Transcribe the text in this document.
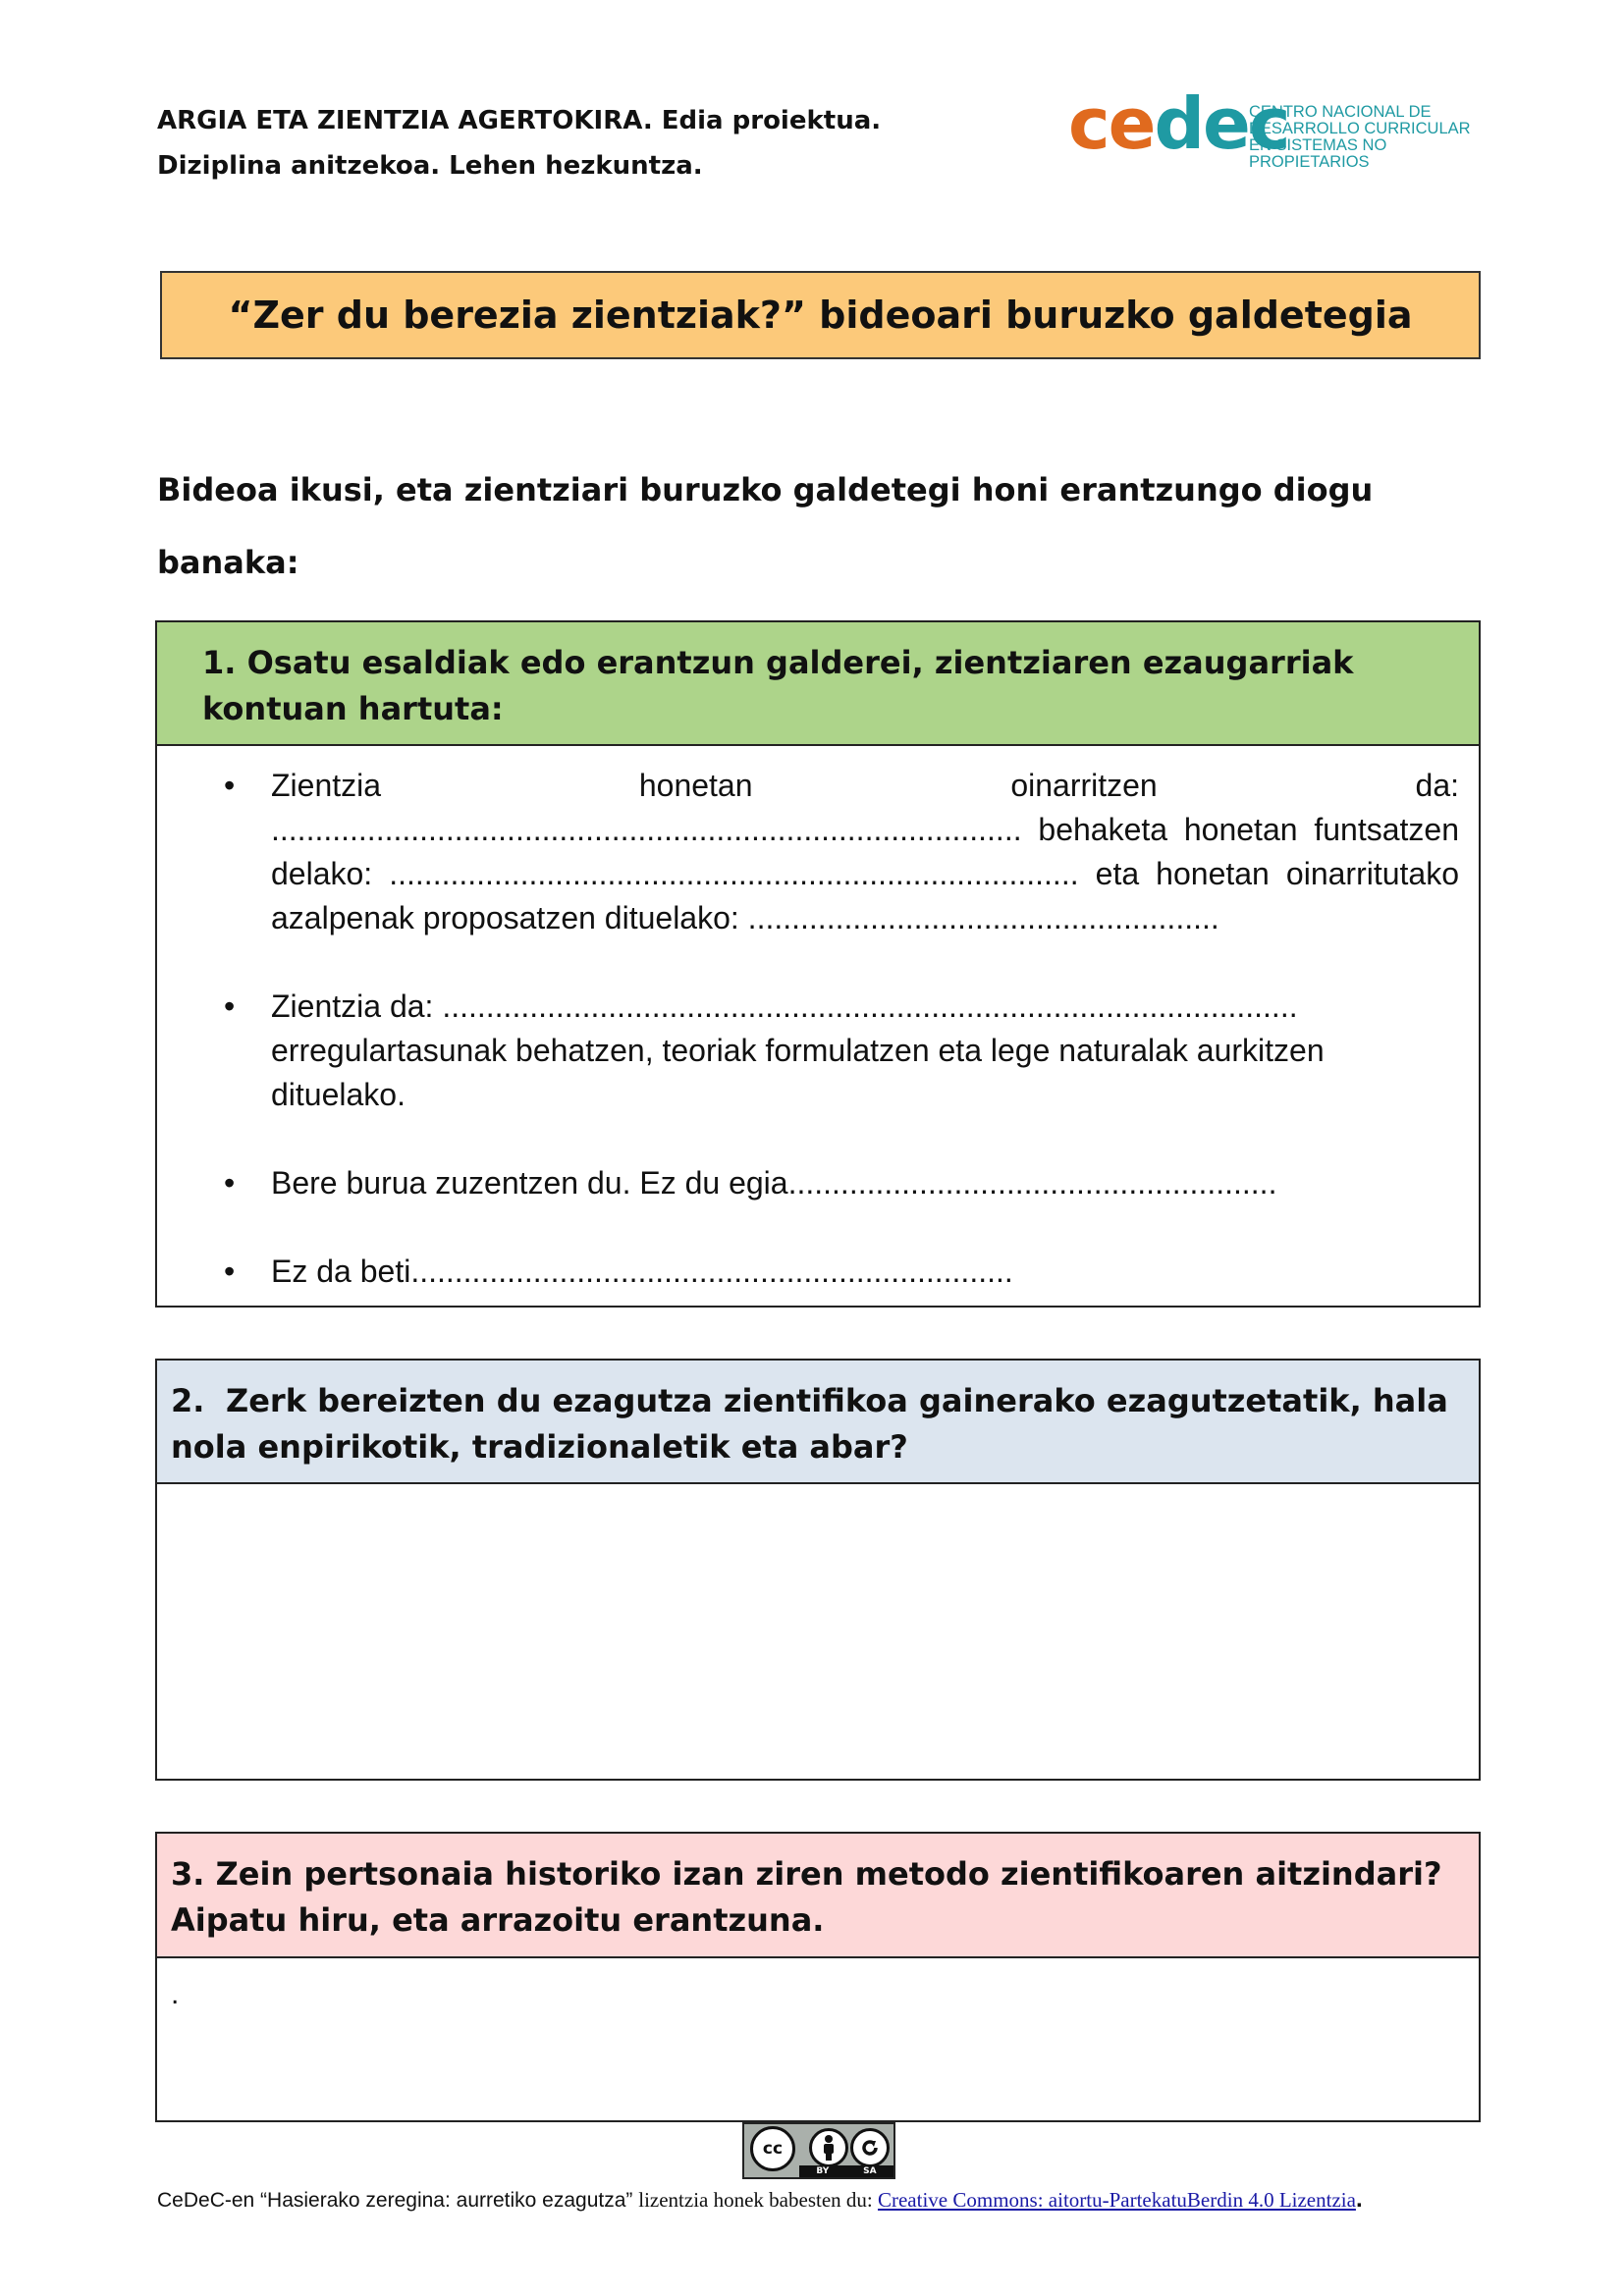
ARGIA ETA ZIENTZIA AGERTOKIRA. Edia proiektua.

Diziplina anitzekoa. Lehen hezkuntza.

cedec
CENTRO NACIONAL DE
DESARROLLO CURRICULAR
EN SISTEMAS NO PROPIETARIOS
“Zer du berezia zientziak?” bideoari buruzko galdetegia
Bideoa ikusi, eta zientziari buruzko galdetegi honi erantzungo diogu banaka:
1. Osatu esaldiak edo erantzun galderei, zientziaren ezaugarriak kontuan hartuta:
• Zientzia honetan oinarritzen da: ...................................................................................... behaketa honetan funtsatzen delako: ............................................................................... eta honetan oinarritutako azalpenak proposatzen dituelako: ......................................................
• Zientzia da: .................................................................................................. erregulartasunak behatzen, teoriak formulatzen eta lege naturalak aurkitzen dituelako.
• Bere burua zuzentzen du. Ez du egia........................................................
• Ez da beti.....................................................................
2. Zerk bereizten du ezagutza zientifikoa gainerako ezagutzetatik, hala nola enpirikotik, tradizionaletik eta abar?
3. Zein pertsonaia historiko izan ziren metodo zientifikoaren aitzindari? Aipatu hiru, eta arrazoitu erantzuna.
.
cc
BY	SA
CeDeC-en “Hasierako zeregina: aurretiko ezagutza” lizentzia honek babesten du: Creative Commons: aitortu-PartekatuBerdin 4.0 Lizentzia.
